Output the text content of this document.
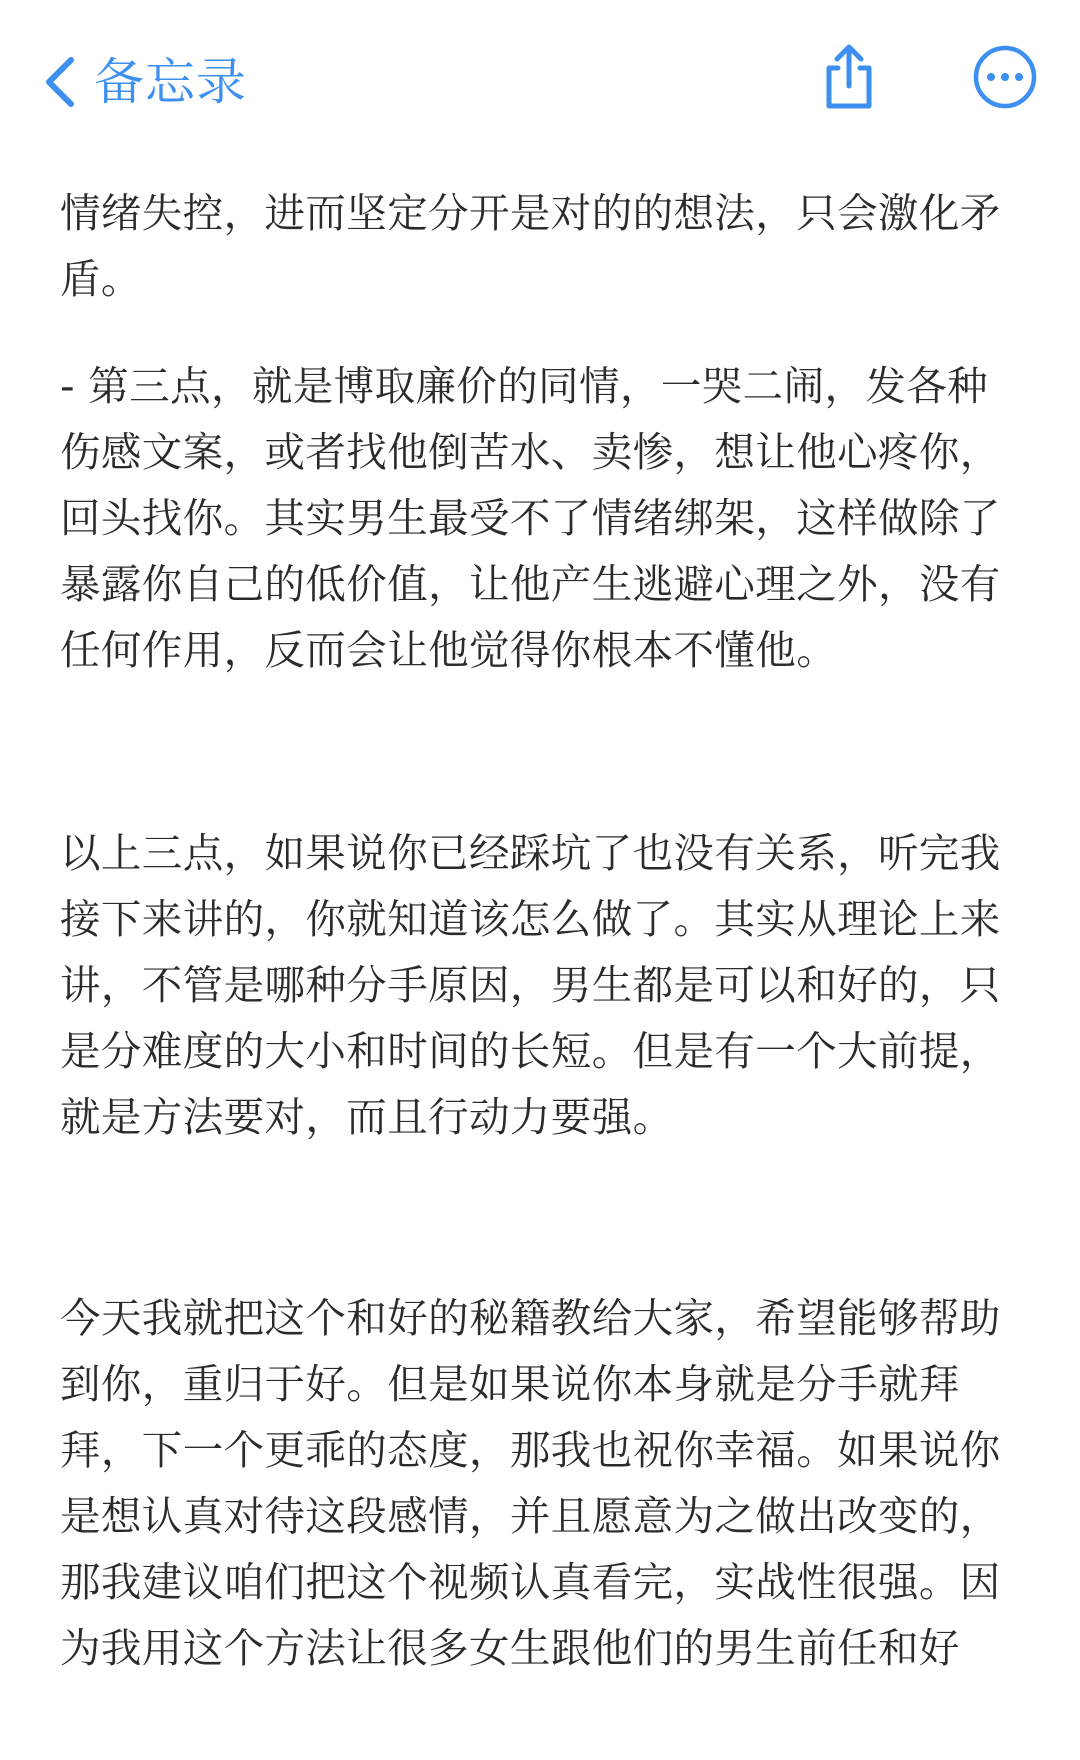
备忘录

情绪失控，进而坚定分开是对的的想法，只会激化矛盾。

- 第三点，就是博取廉价的同情，一哭二闹，发各种伤感文案，或者找他倒苦水、卖惨，想让他心疼你，回头找你。其实男生最受不了情绪绑架，这样做除了暴露你自己的低价值，让他产生逃避心理之外，没有任何作用，反而会让他觉得你根本不懂他。

以上三点，如果说你已经踩坑了也没有关系，听完我接下来讲的，你就知道该怎么做了。其实从理论上来讲，不管是哪种分手原因，男生都是可以和好的，只是分难度的大小和时间的长短。但是有一个大前提，就是方法要对，而且行动力要强。

今天我就把这个和好的秘籍教给大家，希望能够帮助到你，重归于好。但是如果说你本身就是分手就拜拜，下一个更乖的态度，那我也祝你幸福。如果说你是想认真对待这段感情，并且愿意为之做出改变的，那我建议咱们把这个视频认真看完，实战性很强。因为我用这个方法让很多女生跟他们的男生前任和好
